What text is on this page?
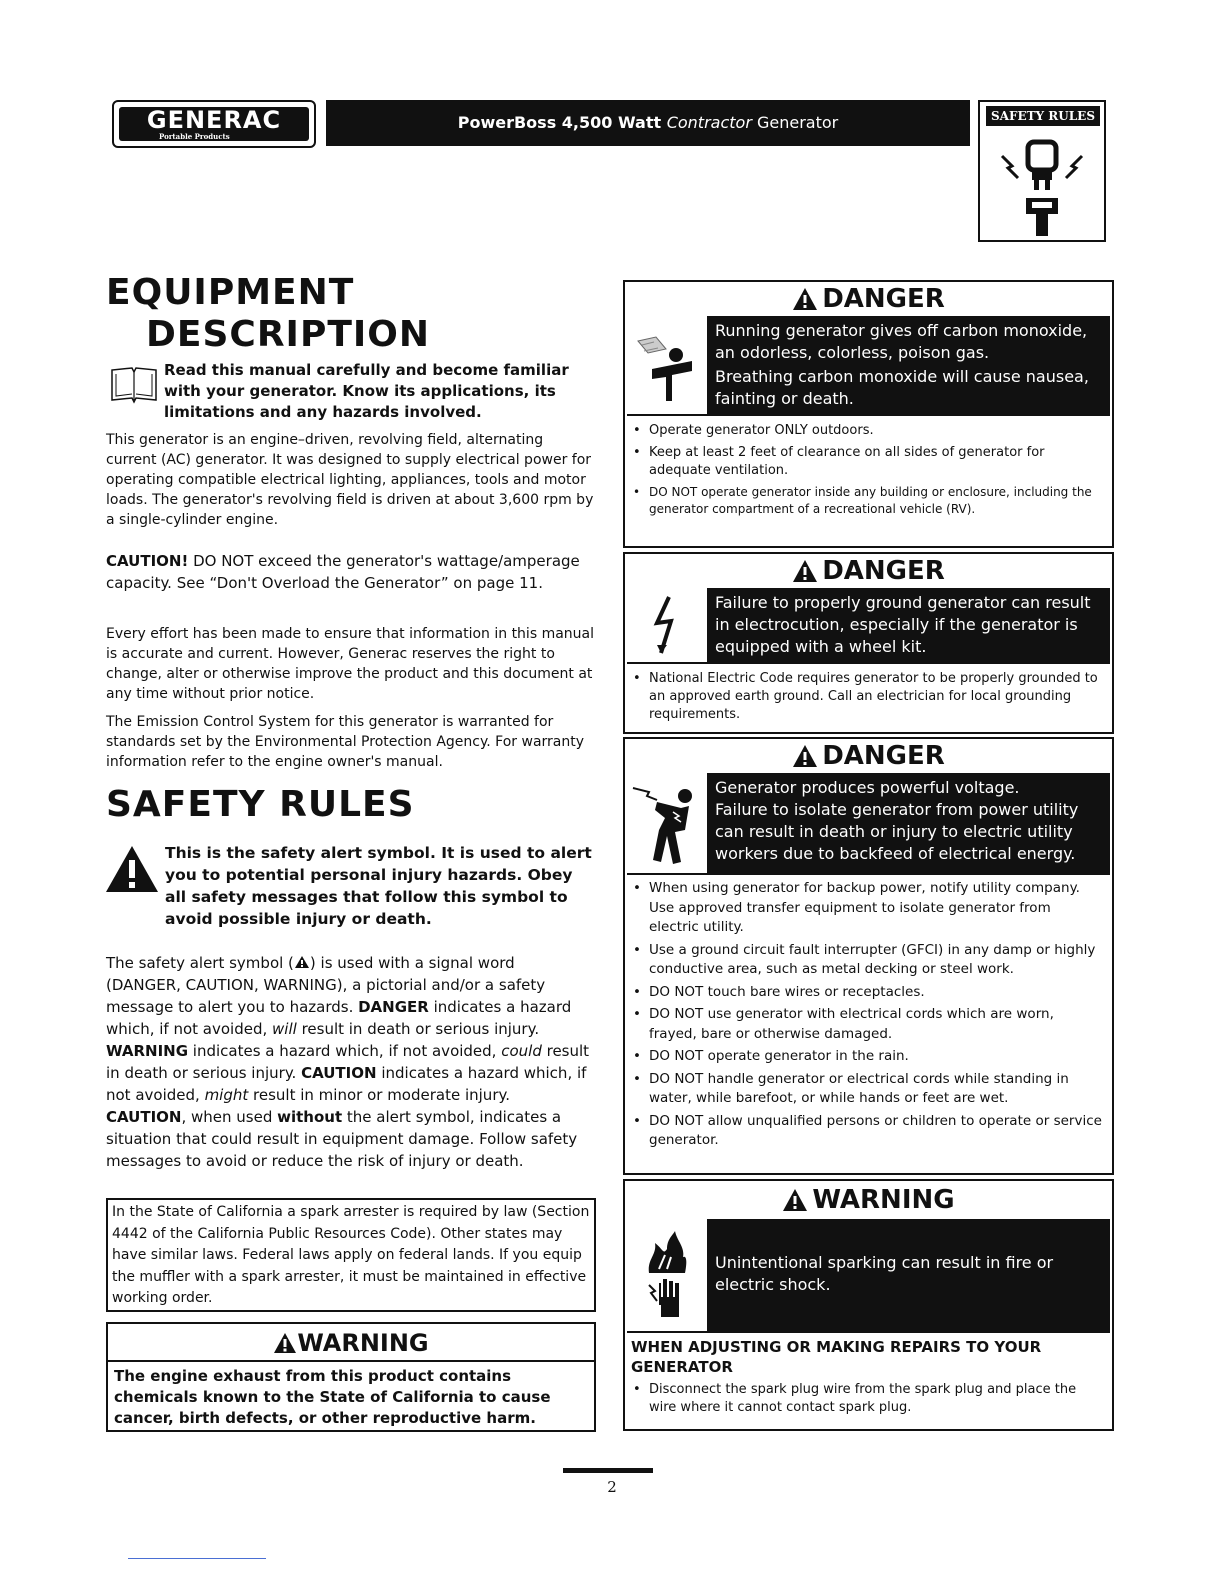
GENERAC
Portable Products
PowerBoss 4,500 Watt Contractor Generator	SAFETY RULES
EQUIPMENT
DESCRIPTION
Read this manual carefully and become familiar with your generator. Know its applications, its limitations and any hazards involved.
This generator is an engine–driven, revolving field, alternating current (AC) generator. It was designed to supply electrical power for operating compatible electrical lighting, appliances, tools and motor loads. The generator's revolving field is driven at about 3,600 rpm by a single-cylinder engine.
CAUTION! DO NOT exceed the generator's wattage/amperage capacity. See “Don't Overload the Generator” on page 11.
Every effort has been made to ensure that information in this manual is accurate and current. However, Generac reserves the right to change, alter or otherwise improve the product and this document at any time without prior notice.
The Emission Control System for this generator is warranted for standards set by the Environmental Protection Agency. For warranty information refer to the engine owner's manual.
SAFETY RULES
This is the safety alert symbol. It is used to alert you to potential personal injury hazards. Obey all safety messages that follow this symbol to avoid possible injury or death.
The safety alert symbol ( ) is used with a signal word (DANGER, CAUTION, WARNING), a pictorial and/or a safety message to alert you to hazards. DANGER indicates a hazard which, if not avoided, will result in death or serious injury. WARNING indicates a hazard which, if not avoided, could result in death or serious injury. CAUTION indicates a hazard which, if not avoided, might result in minor or moderate injury. CAUTION, when used without the alert symbol, indicates a situation that could result in equipment damage. Follow safety messages to avoid or reduce the risk of injury or death.
In the State of California a spark arrester is required by law (Section 4442 of the California Public Resources Code). Other states may have similar laws. Federal laws apply on federal lands. If you equip the muffler with a spark arrester, it must be maintained in effective working order.
WARNING
The engine exhaust from this product contains chemicals known to the State of California to cause cancer, birth defects, or other reproductive harm.
DANGER
Running generator gives off carbon monoxide, an odorless, colorless, poison gas.
Breathing carbon monoxide will cause nausea, fainting or death.
• Operate generator ONLY outdoors.
• Keep at least 2 feet of clearance on all sides of generator for adequate ventilation.
• DO NOT operate generator inside any building or enclosure, including the generator compartment of a recreational vehicle (RV).
DANGER
Failure to properly ground generator can result in electrocution, especially if the generator is equipped with a wheel kit.
• National Electric Code requires generator to be properly grounded to an approved earth ground. Call an electrician for local grounding requirements.
DANGER
Generator produces powerful voltage.
Failure to isolate generator from power utility can result in death or injury to electric utility workers due to backfeed of electrical energy.
• When using generator for backup power, notify utility company. Use approved transfer equipment to isolate generator from electric utility.
• Use a ground circuit fault interrupter (GFCI) in any damp or highly conductive area, such as metal decking or steel work.
• DO NOT touch bare wires or receptacles.
• DO NOT use generator with electrical cords which are worn, frayed, bare or otherwise damaged.
• DO NOT operate generator in the rain.
• DO NOT handle generator or electrical cords while standing in water, while barefoot, or while hands or feet are wet.
• DO NOT allow unqualified persons or children to operate or service generator.
WARNING
Unintentional sparking can result in fire or electric shock.
WHEN ADJUSTING OR MAKING REPAIRS TO YOUR GENERATOR
• Disconnect the spark plug wire from the spark plug and place the wire where it cannot contact spark plug.
2
